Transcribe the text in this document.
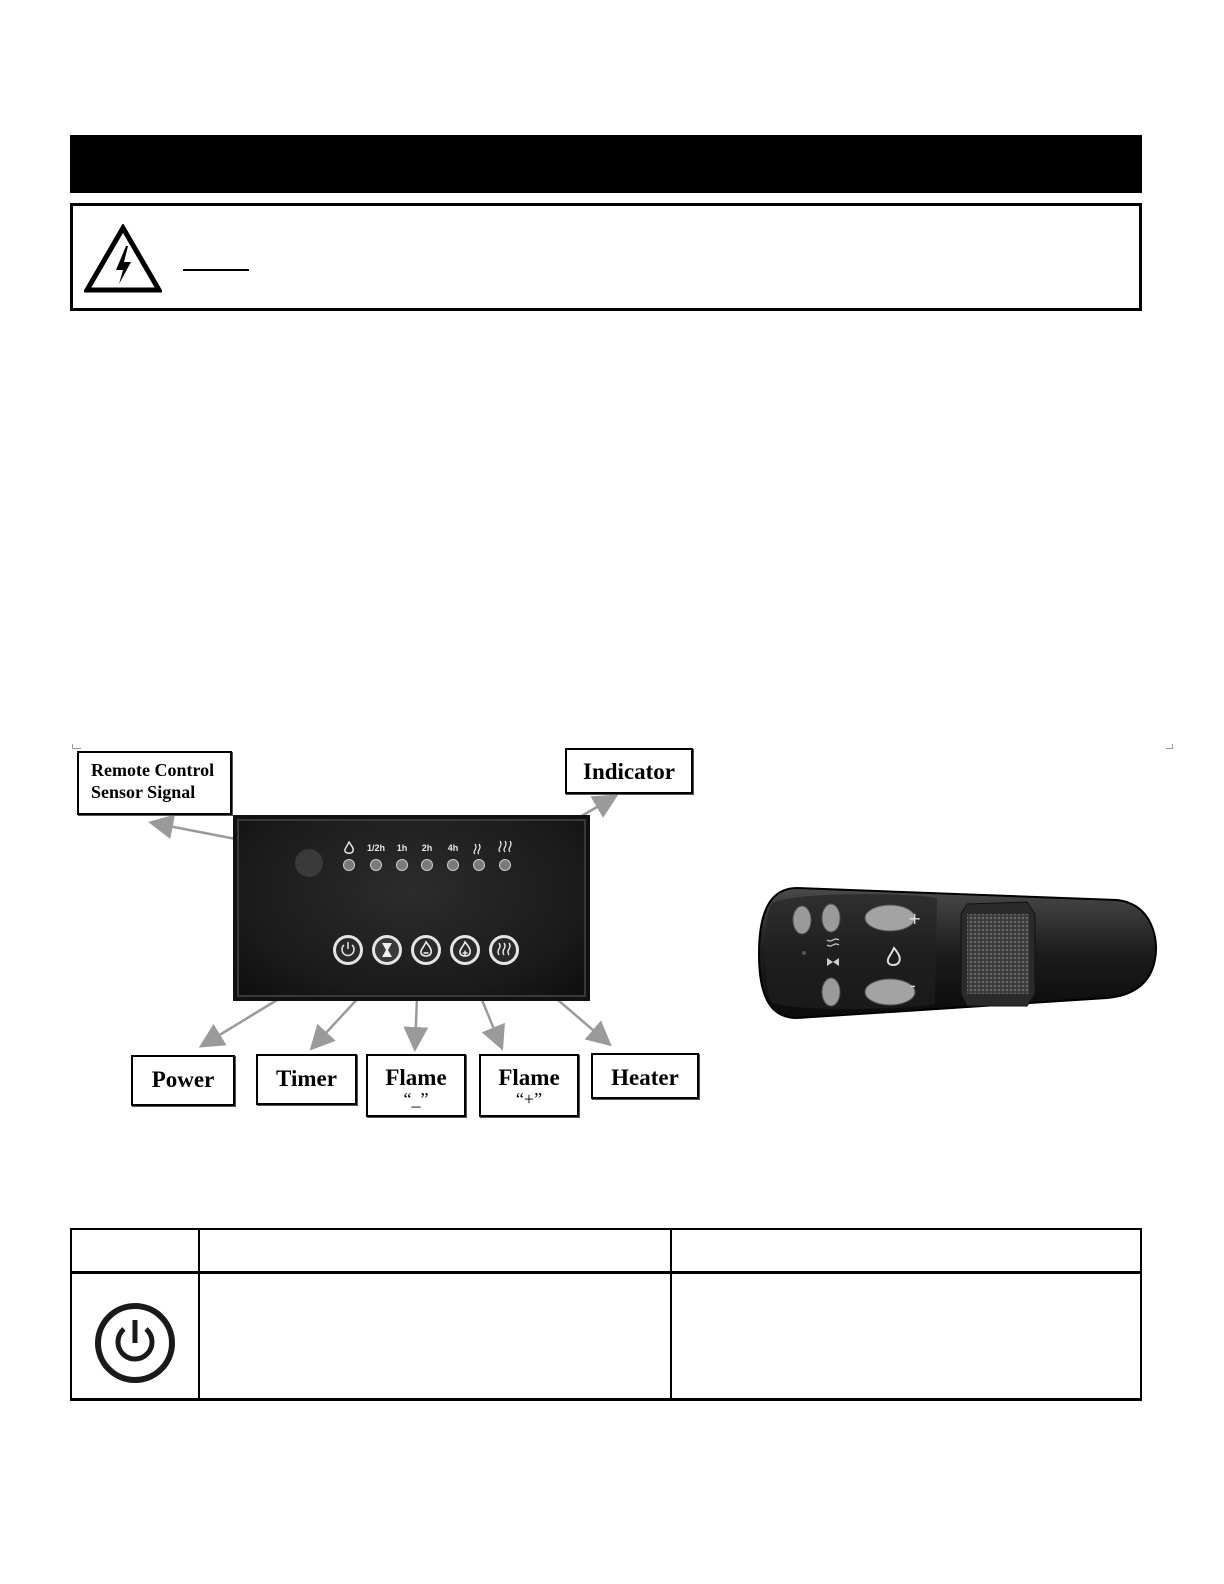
1/2h	1h	2h	4h
Remote Control
Sensor Signal
Indicator
Power	Timer	Flame
“_”
Flame
“+”
Heater
+
-
